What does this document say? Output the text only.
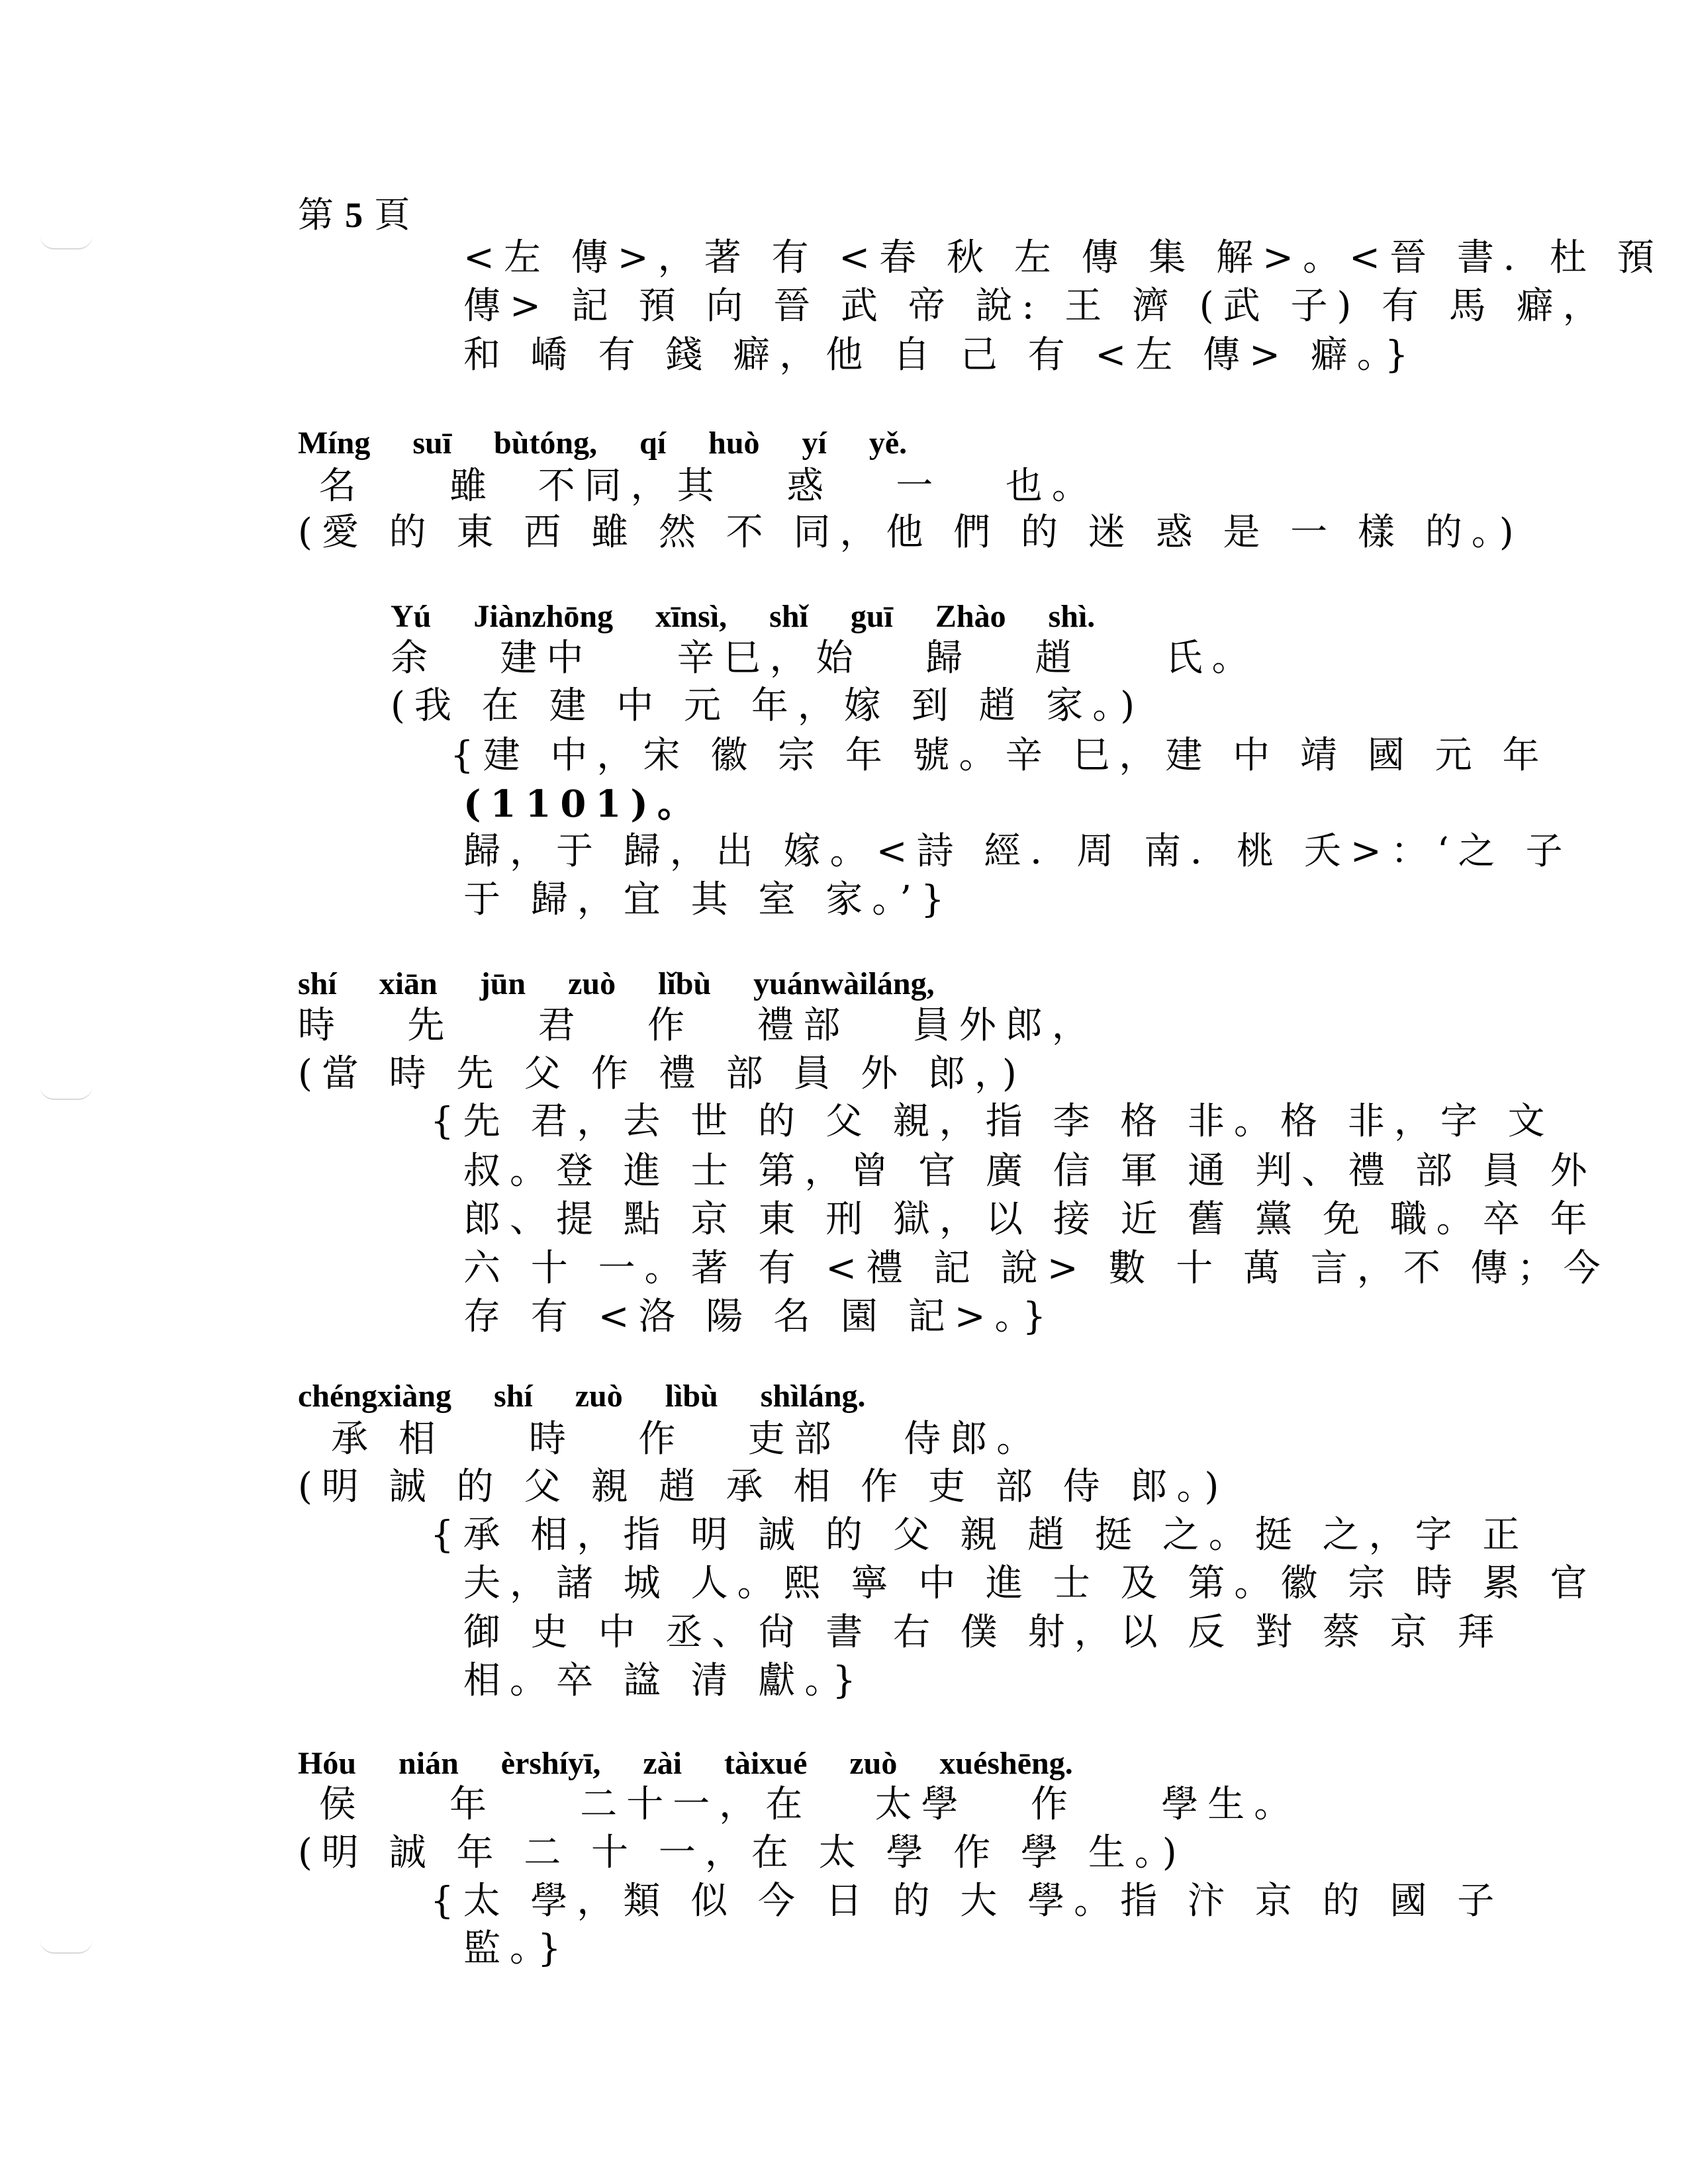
第 5 頁
<左 傳>，著 有 <春 秋 左 傳 集 解>。<晉 書．杜 預
傳> 記 預 向 晉 武 帝 說: 王 濟 (武 子) 有 馬 癖，
和 嶠 有 錢 癖，他 自 己 有 <左 傳> 癖。}
Míng  suī  bùtóng,  qí  huò  yí  yě.
名    雖  不同，其   惑   一   也。
(愛 的 東 西 雖 然 不 同，他 們 的 迷 惑 是 一 樣 的。)
Yú  Jiànzhōng  xīnsì,  shǐ  guī  Zhào  shì.
余   建中    辛巳，始   歸   趙    氏。
(我 在 建 中 元 年，嫁 到 趙 家。)
{建 中，宋 徽 宗 年 號。辛 巳，建 中 靖 國 元 年
(1101)。
歸，于 歸，出 嫁。<詩 經．周 南．桃 夭>：‘之 子
于 歸，宜 其 室 家。’}
shí  xiān  jūn  zuò  lǐbù  yuánwàiláng,
時   先    君   作   禮部   員外郎，
(當 時 先 父 作 禮 部 員 外 郎，)
{先 君，去 世 的 父 親，指 李 格 非。格 非，字 文
叔。登 進 士 第，曾 官 廣 信 軍 通 判、禮 部 員 外
郎、提 點 京 東 刑 獄，以 接 近 舊 黨 免 職。卒 年
六 十 一。著 有 <禮 記 說> 數 十 萬 言，不 傳；今
存 有 <洛 陽 名 園 記>。}
chéngxiàng  shí  zuò  lìbù  shìláng.
承 相    時   作   吏部   侍郎。
(明 誠 的 父 親 趙 承 相 作 吏 部 侍 郎。)
{承 相，指 明 誠 的 父 親 趙 挺 之。挺 之，字 正
夫，諸 城 人。熙 寧 中 進 士 及 第。徽 宗 時 累 官
御 史 中 丞、尙 書 右 僕 射，以 反 對 蔡 京 拜
相。卒 諡 清 獻。}
Hóu  nián  èrshíyī,  zài  tàixué  zuò  xuéshēng.
侯    年    二十一，在   太學   作    學生。
(明 誠 年 二 十 一，在 太 學 作 學 生。)
{太 學，類 似 今 日 的 大 學。指 汴 京 的 國 子
監。}
